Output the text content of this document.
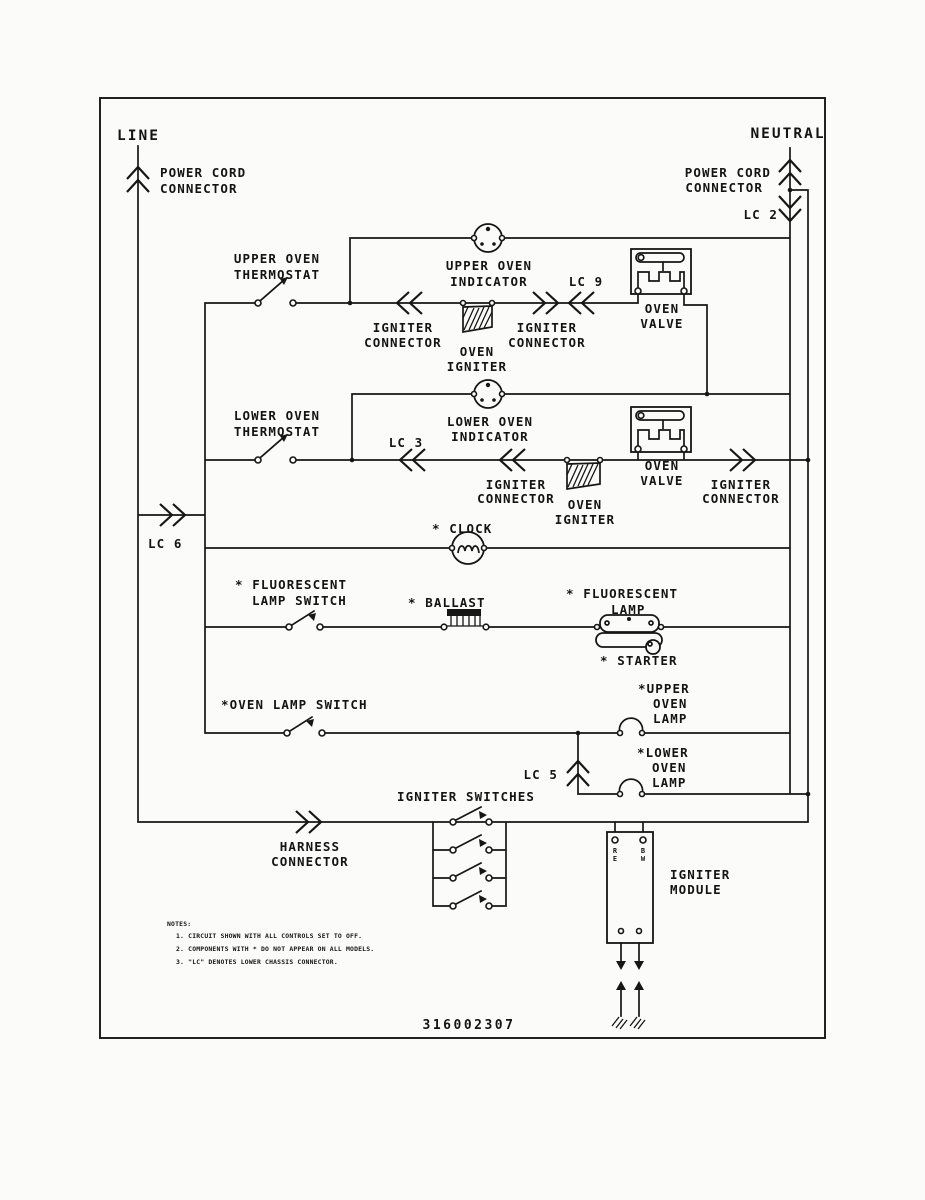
LINE	NEUTRAL
POWER CORD
CONNECTOR
POWER CORD
CONNECTOR
LC 2
UPPER OVEN
THERMOSTAT
UPPER OVEN
INDICATOR	LC 9
IGNITER
CONNECTOR
OVEN
IGNITER
IGNITER
CONNECTOR
OVEN
VALVE
LOWER OVEN
THERMOSTAT
LC 3
LOWER OVEN
INDICATOR
IGNITER
CONNECTOR OVEN
IGNITER
OVEN
VALVE IGNITER
CONNECTOR
LC 6
* CLOCK
* FLUORESCENT
LAMP SWITCH	* BALLAST
* FLUORESCENT
LAMP
* STARTER
*OVEN LAMP SWITCH
*UPPER
OVEN
LAMP
LC 5
*LOWER
OVEN
LAMP
IGNITER SWITCHES
HARNESS
CONNECTOR
IGNITER
MODULE
R
E
B
W
NOTES:
1. CIRCUIT SHOWN WITH ALL CONTROLS SET TO OFF.
2. COMPONENTS WITH * DO NOT APPEAR ON ALL MODELS.
3. "LC" DENOTES LOWER CHASSIS CONNECTOR.
316002307
